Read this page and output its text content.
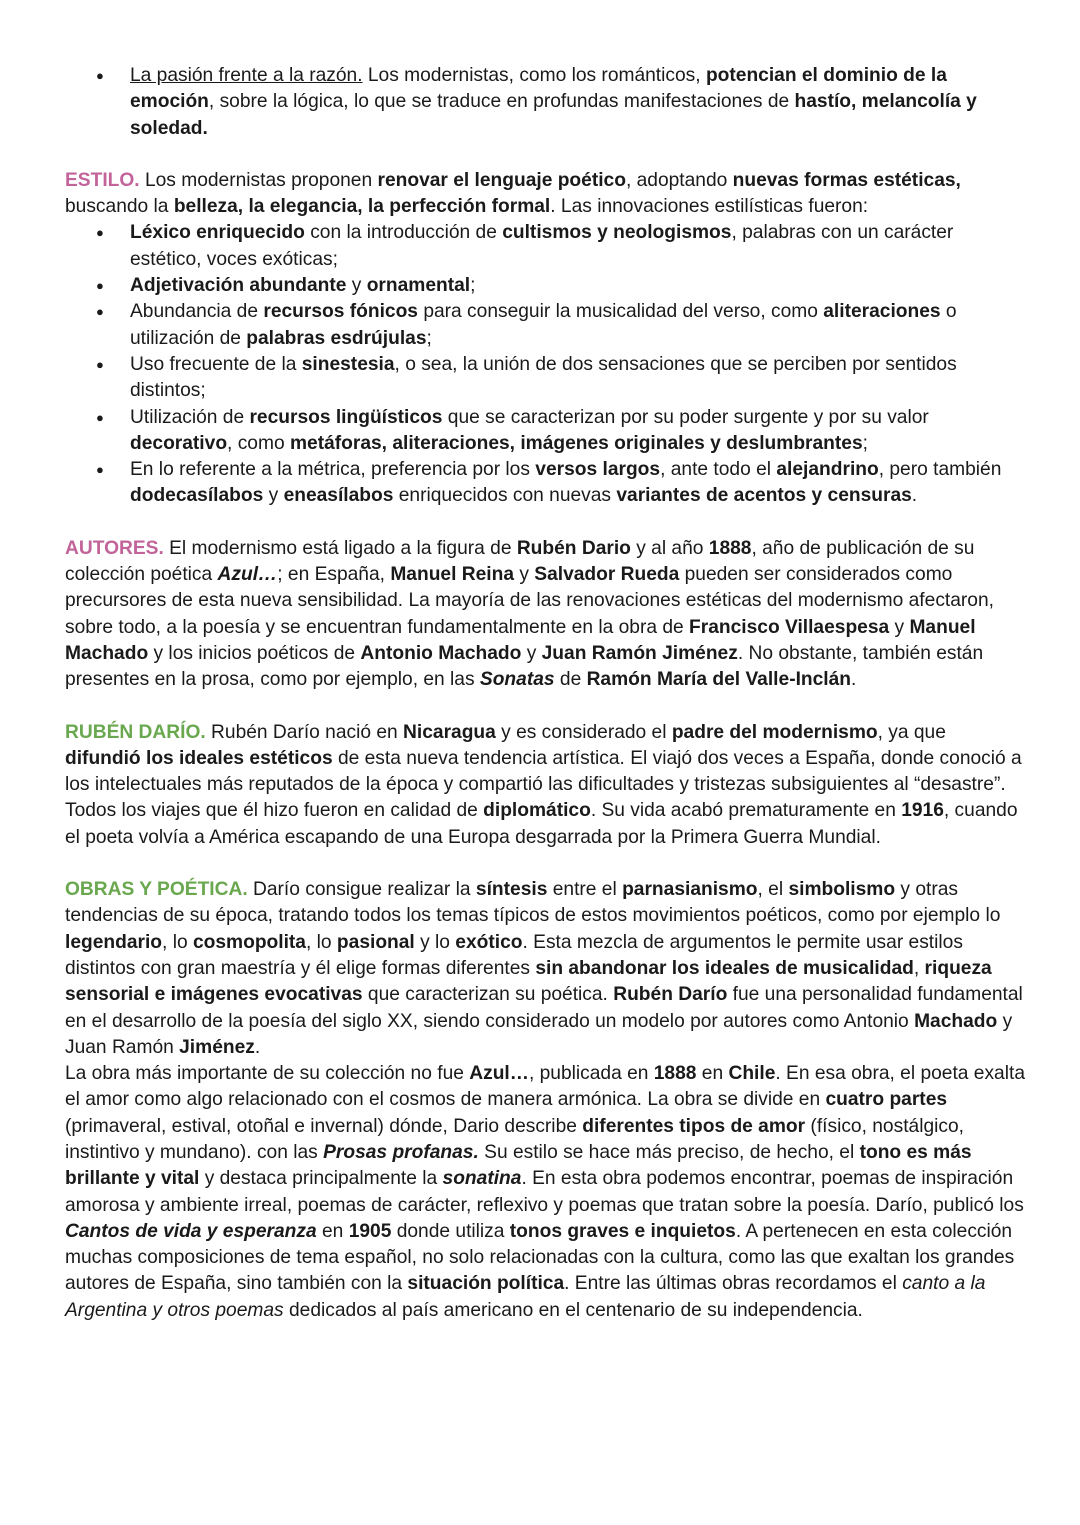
● La pasión frente a la razón. Los modernistas, como los románticos, potencian el dominio de la emoción, sobre la lógica, lo que se traduce en profundas manifestaciones de hastío, melancolía y soledad.

ESTILO. Los modernistas proponen renovar el lenguaje poético, adoptando nuevas formas estéticas, buscando la belleza, la elegancia, la perfección formal. Las innovaciones estilísticas fueron:

● Léxico enriquecido con la introducción de cultismos y neologismos, palabras con un carácter estético, voces exóticas;
● Adjetivación abundante y ornamental;
● Abundancia de recursos fónicos para conseguir la musicalidad del verso, como aliteraciones o utilización de palabras esdrújulas;
● Uso frecuente de la sinestesia, o sea, la unión de dos sensaciones que se perciben por sentidos distintos;
● Utilización de recursos lingüísticos que se caracterizan por su poder surgente y por su valor decorativo, como metáforas, aliteraciones, imágenes originales y deslumbrantes;
● En lo referente a la métrica, preferencia por los versos largos, ante todo el alejandrino, pero también dodecasílabos y eneasílabos enriquecidos con nuevas variantes de acentos y censuras.

AUTORES. El modernismo está ligado a la figura de Rubén Dario y al año 1888, año de publicación de su colección poética Azul…; en España, Manuel Reina y Salvador Rueda pueden ser considerados como precursores de esta nueva sensibilidad. La mayoría de las renovaciones estéticas del modernismo afectaron, sobre todo, a la poesía y se encuentran fundamentalmente en la obra de Francisco Villaespesa y Manuel Machado y los inicios poéticos de Antonio Machado y Juan Ramón Jiménez. No obstante, también están presentes en la prosa, como por ejemplo, en las Sonatas de Ramón María del Valle-Inclán.

RUBÉN DARÍO. Rubén Darío nació en Nicaragua y es considerado el padre del modernismo, ya que difundió los ideales estéticos de esta nueva tendencia artística. El viajó dos veces a España, donde conoció a los intelectuales más reputados de la época y compartió las dificultades y tristezas subsiguientes al “desastre”. Todos los viajes que él hizo fueron en calidad de diplomático. Su vida acabó prematuramente en 1916, cuando el poeta volvía a América escapando de una Europa desgarrada por la Primera Guerra Mundial.

OBRAS Y POÉTICA. Darío consigue realizar la síntesis entre el parnasianismo, el simbolismo y otras tendencias de su época, tratando todos los temas típicos de estos movimientos poéticos, como por ejemplo lo legendario, lo cosmopolita, lo pasional y lo exótico. Esta mezcla de argumentos le permite usar estilos distintos con gran maestría y él elige formas diferentes sin abandonar los ideales de musicalidad, riqueza sensorial e imágenes evocativas que caracterizan su poética. Rubén Darío fue una personalidad fundamental en el desarrollo de la poesía del siglo XX, siendo considerado un modelo por autores como Antonio Machado y Juan Ramón Jiménez.

La obra más importante de su colección no fue Azul…, publicada en 1888 en Chile. En esa obra, el poeta exalta el amor como algo relacionado con el cosmos de manera armónica. La obra se divide en cuatro partes (primaveral, estival, otoñal e invernal) dónde, Dario describe diferentes tipos de amor (físico, nostálgico, instintivo y mundano). con las Prosas profanas. Su estilo se hace más preciso, de hecho, el tono es más brillante y vital y destaca principalmente la sonatina. En esta obra podemos encontrar, poemas de inspiración amorosa y ambiente irreal, poemas de carácter, reflexivo y poemas que tratan sobre la poesía. Darío, publicó los Cantos de vida y esperanza en 1905 donde utiliza tonos graves e inquietos. A pertenecen en esta colección muchas composiciones de tema español, no solo relacionadas con la cultura, como las que exaltan los grandes autores de España, sino también con la situación política. Entre las últimas obras recordamos el canto a la Argentina y otros poemas dedicados al país americano en el centenario de su independencia.
